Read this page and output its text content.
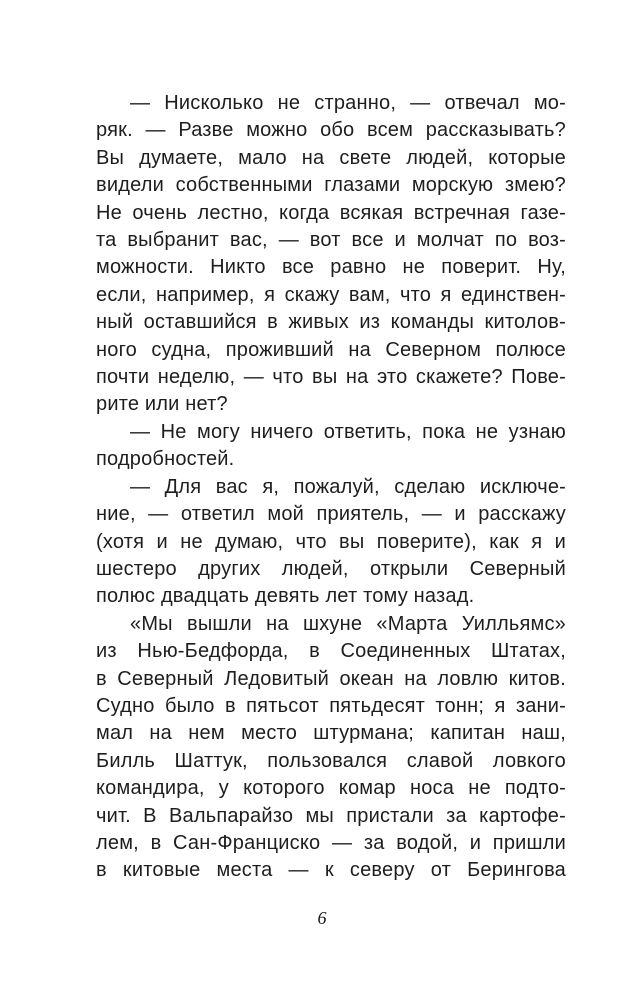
— Нисколько не странно, — отвечал мо-
ряк. — Разве можно обо всем рассказывать?
Вы думаете, мало на свете людей, которые
видели собственными глазами морскую змею?
Не очень лестно, когда всякая встречная газе-
та выбранит вас, — вот все и молчат по воз-
можности. Никто все равно не поверит. Ну,
если, например, я скажу вам, что я единствен-
ный оставшийся в живых из команды китолов-
ного судна, проживший на Северном полюсе
почти неделю, — что вы на это скажете? Пове-
рите или нет?
— Не могу ничего ответить, пока не узнаю
подробностей.
— Для вас я, пожалуй, сделаю исключе-
ние, — ответил мой приятель, — и расскажу
(хотя и не думаю, что вы поверите), как я и
шестеро других людей, открыли Северный
полюс двадцать девять лет тому назад.
«Мы вышли на шхуне «Марта Уилльямс»
из Нью-Бедфорда, в Соединенных Штатах,
в Северный Ледовитый океан на ловлю китов.
Судно было в пятьсот пятьдесят тонн; я зани-
мал на нем место штурмана; капитан наш,
Билль Шаттук, пользовался славой ловкого
командира, у которого комар носа не подто-
чит. В Вальпарайзо мы пристали за картофе-
лем, в Сан-Франциско — за водой, и пришли
в китовые места — к северу от Берингова
6
